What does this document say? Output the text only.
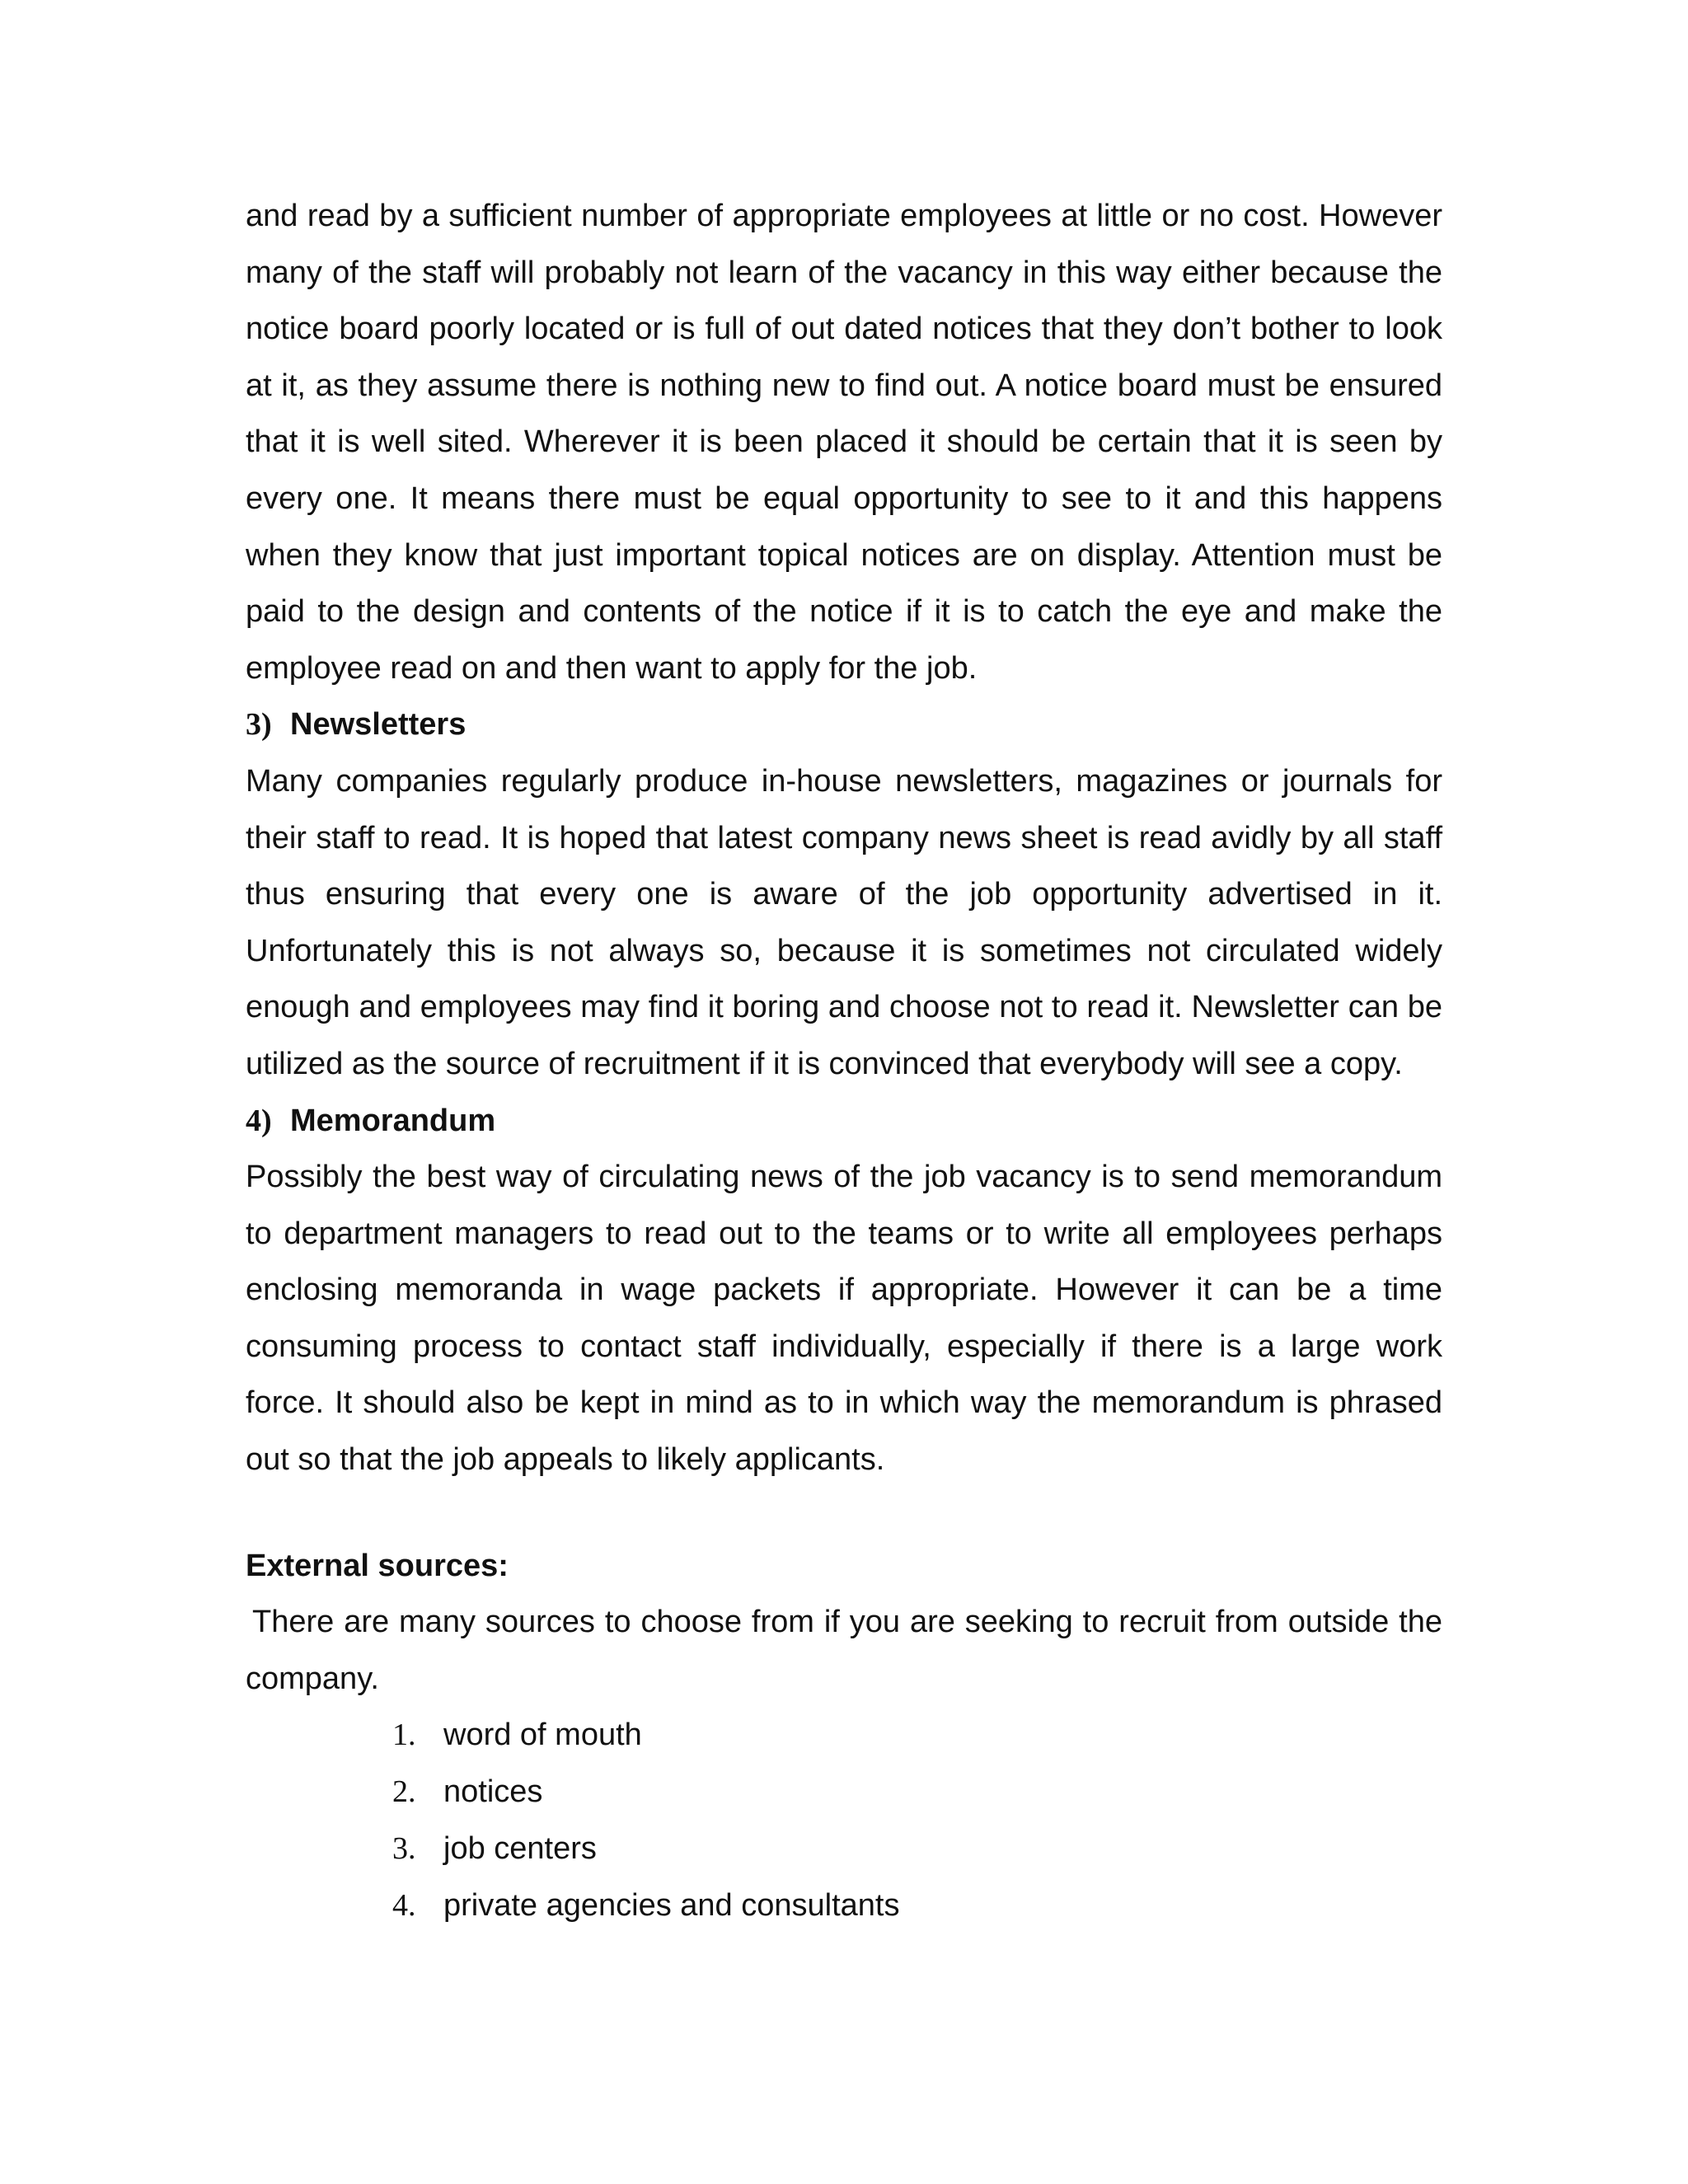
and read by a sufficient number of appropriate employees at little or no cost. However many of the staff will probably not learn of the vacancy in this way either because the notice board poorly located or is full of out dated notices that they don’t bother to look at it, as they assume there is nothing new to find out. A notice board must be ensured that it is well sited. Wherever it is been placed it should be certain that it is seen by every one. It means there must be equal opportunity to see to it and this happens when they know that just important topical notices are on display. Attention must be paid to the design and contents of the notice if it is to catch the eye and make the employee read on and then want to apply for the job.

3) Newsletters

Many companies regularly produce in-house newsletters, magazines or journals for their staff to read. It is hoped that latest company news sheet is read avidly by all staff thus ensuring that every one is aware of the job opportunity advertised in it. Unfortunately this is not always so, because it is sometimes not circulated widely enough and employees may find it boring and choose not to read it. Newsletter can be utilized as the source of recruitment if it is convinced that everybody will see a copy.

4) Memorandum

Possibly the best way of circulating news of the job vacancy is to send memorandum to department managers to read out to the teams or to write all employees perhaps enclosing memoranda in wage packets if appropriate. However it can be a time consuming process to contact staff individually, especially if there is a large work force. It should also be kept in mind as to in which way the memorandum is phrased out so that the job appeals to likely applicants.

External sources:

There are many sources to choose from if you are seeking to recruit from outside the company.

1. word of mouth
2. notices
3. job centers
4. private agencies and consultants
